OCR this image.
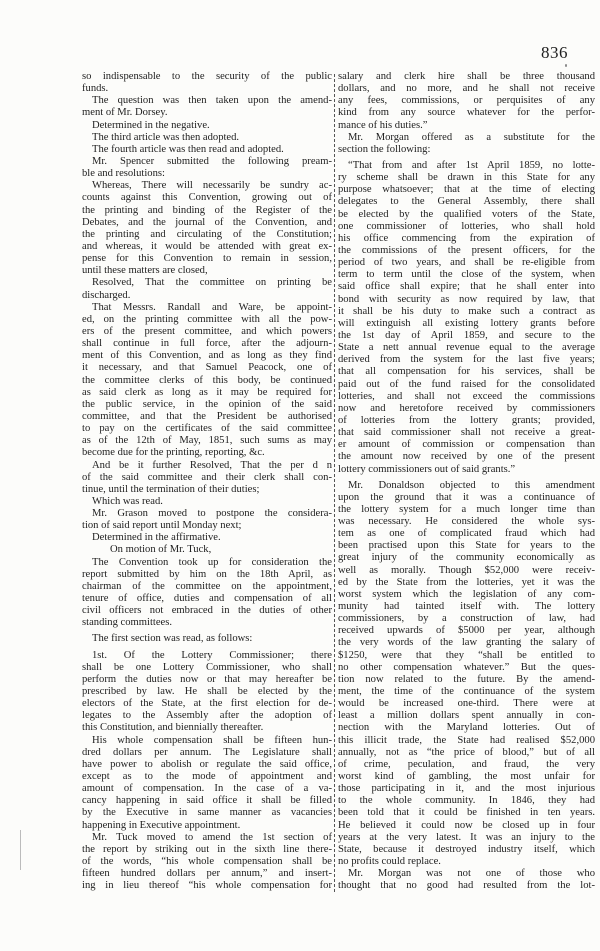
836
so indispensable to the security of the public
funds.
The question was then taken upon the amend-
ment of Mr. Dorsey.
Determined in the negative.
The third article was then adopted.
The fourth article was then read and adopted.
Mr. Spencer submitted the following pream-
ble and resolutions:
Whereas, There will necessarily be sundry ac-
counts against this Convention, growing out of
the printing and binding of the Register of the
Debates, and the journal of the Convention, and
the printing and circulating of the Constitution;
and whereas, it would be attended with great ex-
pense for this Convention to remain in session,
until these matters are closed,
Resolved, That the committee on printing be
discharged.
That Messrs. Randall and Ware, be appoint-
ed, on the printing committee with all the pow-
ers of the present committee, and which powers
shall continue in full force, after the adjourn-
ment of this Convention, and as long as they find
it necessary, and that Samuel Peacock, one of
the committee clerks of this body, be continued
as said clerk as long as it may be required for
the public service, in the opinion of the said
committee, and that the President be authorised
to pay on the certificates of the said committee
as of the 12th of May, 1851, such sums as may
become due for the printing, reporting, &c.
And be it further Resolved, That the per d n
of the said committee and their clerk shall con-
tinue, until the termination of their duties;
Which was read.
Mr. Grason moved to postpone the considera-
tion of said report until Monday next;
Determined in the affirmative.
On motion of Mr. Tuck,
The Convention took up for consideration the
report submitted by him on the 18th April, as
chairman of the committee on the appointment,
tenure of office, duties and compensation of all
civil officers not embraced in the duties of other
standing committees.
The first section was read, as follows:
1st. Of the Lottery Commissioner; there
shall be one Lottery Commissioner, who shall
perform the duties now or that may hereafter be
prescribed by law. He shall be elected by the
electors of the State, at the first election for de-
legates to the Assembly after the adoption of
this Constitution, and biennially thereafter.
His whole compensation shall be fifteen hun-
dred dollars per annum. The Legislature shall
have power to abolish or regulate the said office,
except as to the mode of appointment and
amount of compensation. In the case of a va-
cancy happening in said office it shall be filled
by the Executive in same manner as vacancies
happening in Executive appointment.
Mr. Tuck moved to amend the 1st section of
the report by striking out in the sixth line there-
of the words, “his whole compensation shall be
fifteen hundred dollars per annum,” and insert-
ing in lieu thereof “his whole compensation for
salary and clerk hire shall be three thousand
dollars, and no more, and he shall not receive
any fees, commissions, or perquisites of any
kind from any source whatever for the perfor-
mance of his duties.”
Mr. Morgan offered as a substitute for the
section the following:
“That from and after 1st April 1859, no lotte-
ry scheme shall be drawn in this State for any
purpose whatsoever; that at the time of electing
delegates to the General Assembly, there shall
be elected by the qualified voters of the State,
one commissioner of lotteries, who shall hold
his office commencing from the expiration of
the commissions of the present officers, for the
period of two years, and shall be re-eligible from
term to term until the close of the system, when
said office shall expire; that he shall enter into
bond with security as now required by law, that
it shall be his duty to make such a contract as
will extinguish all existing lottery grants before
the 1st day of April 1859, and secure to the
State a nett annual revenue equal to the average
derived from the system for the last five years;
that all compensation for his services, shall be
paid out of the fund raised for the consolidated
lotteries, and shall not exceed the commissions
now and heretofore received by commissioners
of lotteries from the lottery grants; provided,
that said commissioner shall not receive a great-
er amount of commission or compensation than
the amount now received by one of the present
lottery commissioners out of said grants.”
Mr. Donaldson objected to this amendment
upon the ground that it was a continuance of
the lottery system for a much longer time than
was necessary. He considered the whole sys-
tem as one of complicated fraud which had
been practised upon this State for years to the
great injury of the community economically as
well as morally. Though $52,000 were receiv-
ed by the State from the lotteries, yet it was the
worst system which the legislation of any com-
munity had tainted itself with. The lottery
commissioners, by a construction of law, had
received upwards of $5000 per year, although
the very words of the law granting the salary of
$1250, were that they “shall be entitled to
no other compensation whatever.” But the ques-
tion now related to the future. By the amend-
ment, the time of the continuance of the system
would be increased one-third. There were at
least a million dollars spent annually in con-
nection with the Maryland lotteries. Out of
this illicit trade, the State had realised $52,000
annually, not as “the price of blood,” but of all
of crime, peculation, and fraud, the very
worst kind of gambling, the most unfair for
those participating in it, and the most injurious
to the whole community. In 1846, they had
been told that it could be finished in ten years.
He believed it could now be closed up in four
years at the very latest. It was an injury to the
State, because it destroyed industry itself, which
no profits could replace.
Mr. Morgan was not one of those who
thought that no good had resulted from the lot-
